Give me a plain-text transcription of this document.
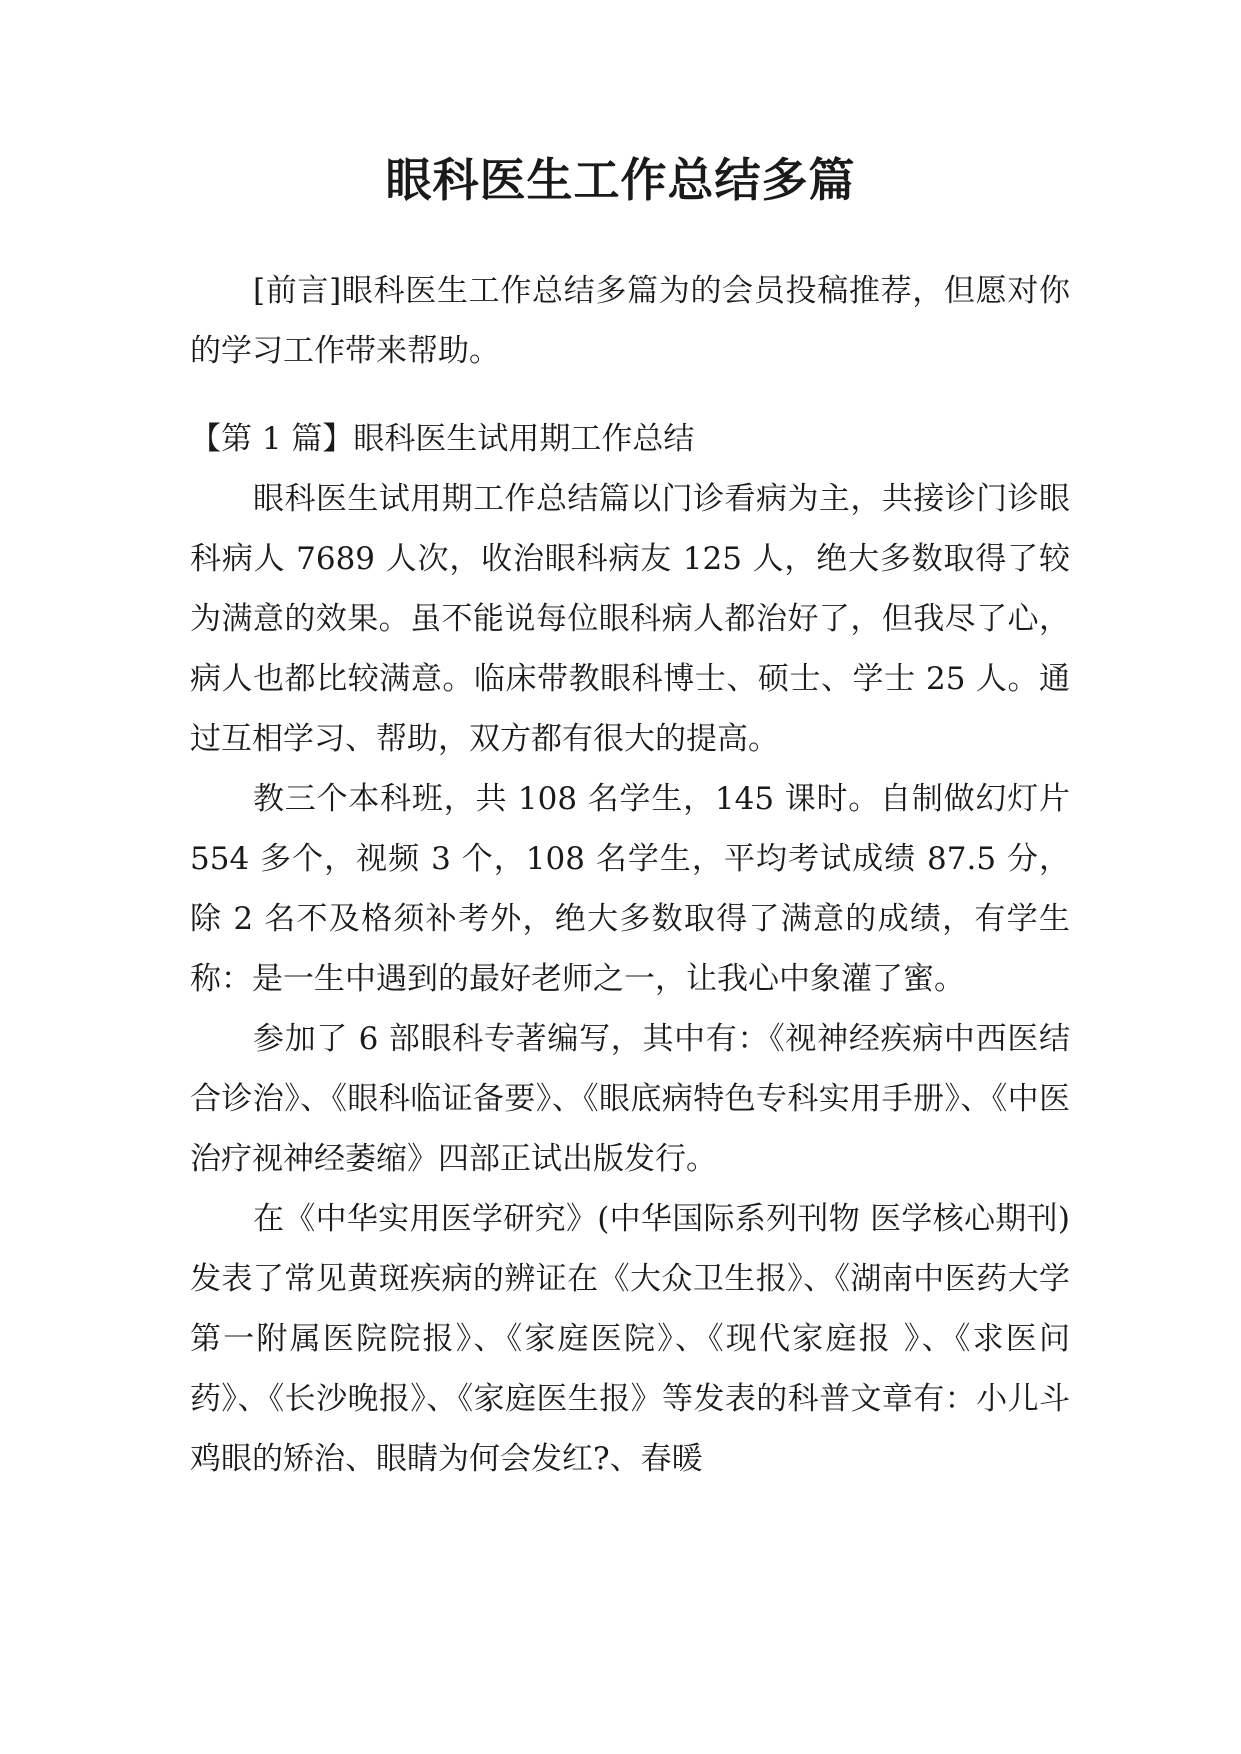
眼科医生工作总结多篇

[前言]眼科医生工作总结多篇为的会员投稿推荐，但愿对你的学习工作带来帮助。

【第 1 篇】眼科医生试用期工作总结

眼科医生试用期工作总结篇以门诊看病为主，共接诊门诊眼科病人 7689 人次，收治眼科病友 125 人，绝大多数取得了较为满意的效果。虽不能说每位眼科病人都治好了，但我尽了心，病人也都比较满意。临床带教眼科博士、硕士、学士 25 人。通过互相学习、帮助，双方都有很大的提高。

教三个本科班，共 108 名学生，145 课时。自制做幻灯片 554 多个，视频 3 个，108 名学生，平均考试成绩 87.5 分，除 2 名不及格须补考外，绝大多数取得了满意的成绩，有学生称：是一生中遇到的最好老师之一，让我心中象灌了蜜。

参加了 6 部眼科专著编写，其中有：《视神经疾病中西医结合诊治》、《眼科临证备要》、《眼底病特色专科实用手册》、《中医治疗视神经萎缩》四部正试出版发行。

在《中华实用医学研究》(中华国际系列刊物 医学核心期刊)发表了常见黄斑疾病的辨证在《大众卫生报》、《湖南中医药大学第一附属医院院报》、《家庭医院》、《现代家庭报 》、《求医问药》、《长沙晚报》、《家庭医生报》等发表的科普文章有：小儿斗鸡眼的矫治、眼睛为何会发红?、春暖
